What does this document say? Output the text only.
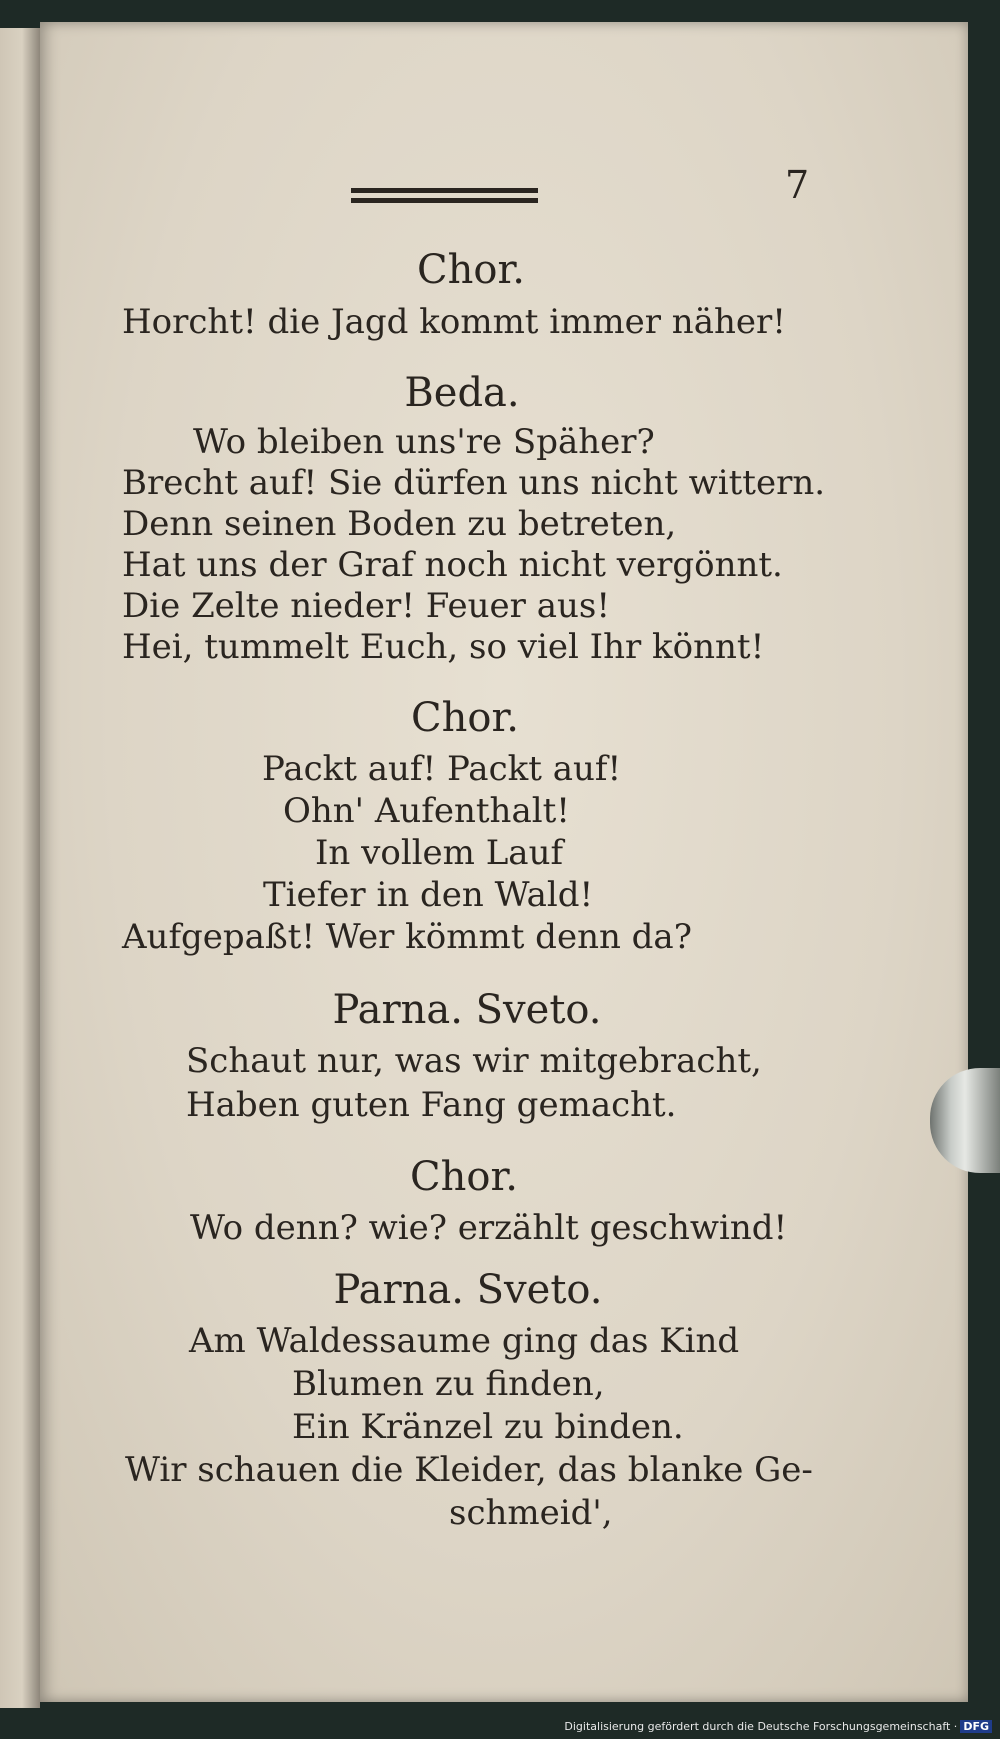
7
Chor.
Horcht! die Jagd kommt immer näher!
Beda.
Wo bleiben uns're Späher?
Brecht auf! Sie dürfen uns nicht wittern.
Denn seinen Boden zu betreten,
Hat uns der Graf noch nicht vergönnt.
Die Zelte nieder! Feuer aus!
Hei, tummelt Euch, so viel Ihr könnt!
Chor.
Packt auf! Packt auf!
Ohn' Aufenthalt!
In vollem Lauf
Tiefer in den Wald!
Aufgepaßt! Wer kömmt denn da?
Parna. Sveto.
Schaut nur, was wir mitgebracht,
Haben guten Fang gemacht.
Chor.
Wo denn? wie? erzählt geschwind!
Parna. Sveto.
Am Waldessaume ging das Kind
Blumen zu finden,
Ein Kränzel zu binden.
Wir schauen die Kleider, das blanke Ge-
schmeid',
Digitalisierung gefördert durch die Deutsche Forschungsgemeinschaft · DFG
